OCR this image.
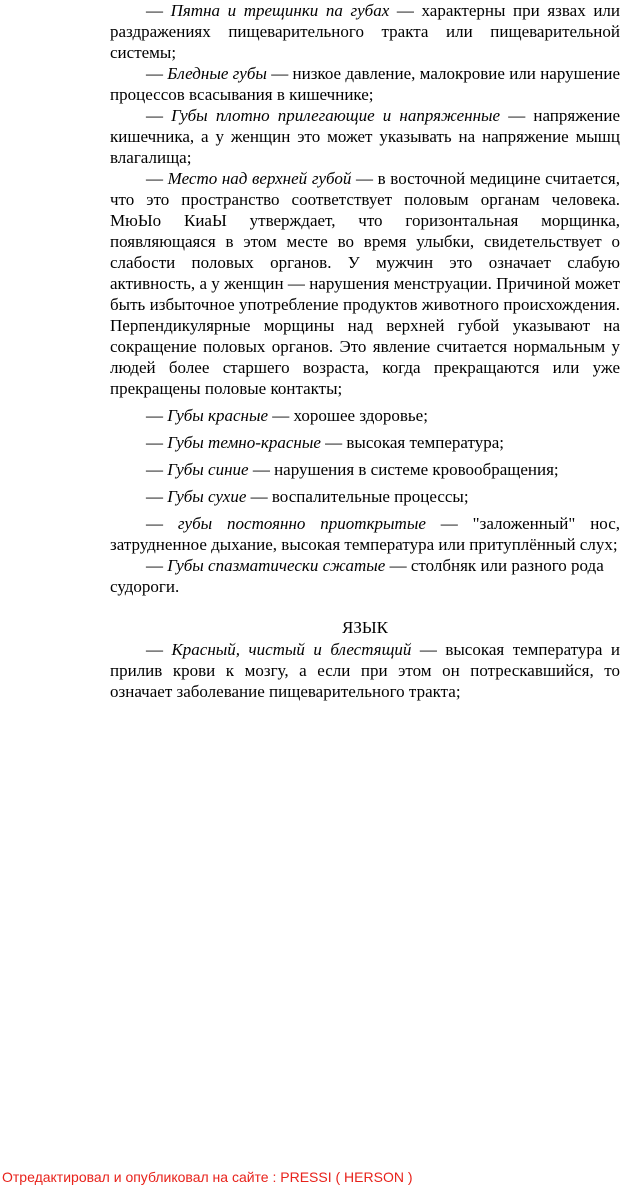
— Пятна и трещинки па губах — характерны при язвах или раздражениях пищеварительного тракта или пищеварительной системы;

— Бледные губы — низкое давление, малокровие или нарушение процессов всасывания в кишечнике;

— Губы плотно прилегающие и напряженные — напряжение кишечника, а у женщин это может указывать на напряжение мышц влагалища;

— Место над верхней губой — в восточной медицине считается, что это пространство соответствует половым органам человека. МюЫо КиаЫ утверждает, что горизонтальная морщинка, появляющаяся в этом месте во время улыбки, свидетельствует о слабости половых органов. У мужчин это означает слабую активность, а у женщин — нарушения менструации. Причиной может быть избыточное употребление продуктов животного происхождения. Перпендикулярные морщины над верхней губой указывают на сокращение половых органов. Это явление считается нормальным у людей более старшего возраста, когда прекращаются или уже прекращены половые контакты;

— Губы красные — хорошее здоровье;

— Губы темно-красные — высокая температура;

— Губы синие — нарушения в системе кровообращения;

— Губы сухие — воспалительные процессы;

— губы постоянно приоткрытые — "заложенный" нос, затрудненное дыхание, высокая температура или притуплённый слух;

— Губы спазматически сжатые — столбняк или разного рода судороги.

ЯЗЫК

— Красный, чистый и блестящий — высокая температура и прилив крови к мозгу, а если при этом он потрескавшийся, то означает заболевание пищеварительного тракта;

Отредактировал и опубликовал на сайте : PRESSI ( HERSON )
